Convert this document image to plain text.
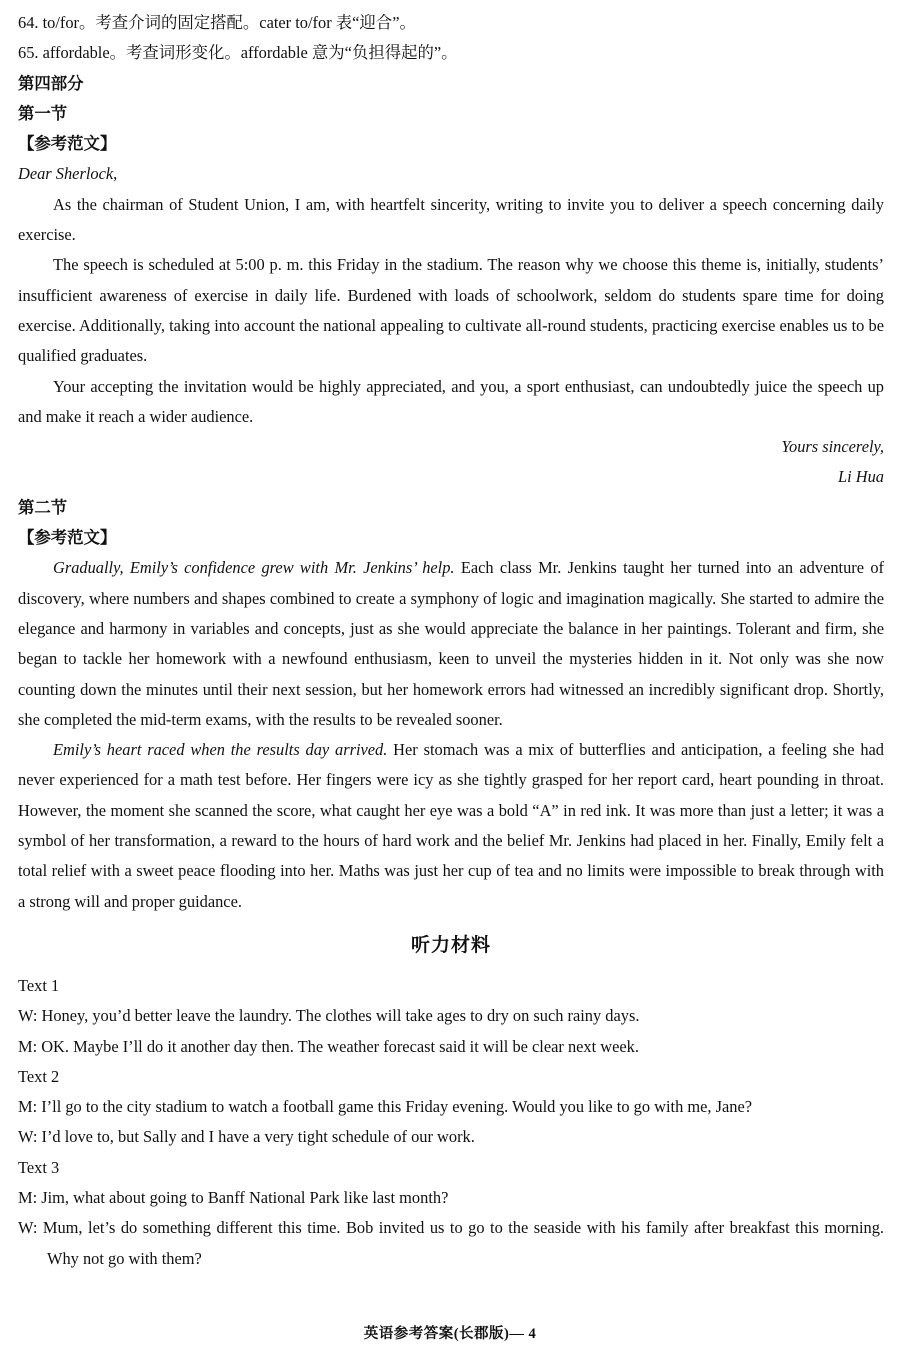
64. to/for。考查介词的固定搭配。cater to/for 表“迎合”。
65. affordable。考查词形变化。affordable 意为“负担得起的”。
第四部分
第一节
【参考范文】
Dear Sherlock,
As the chairman of Student Union, I am, with heartfelt sincerity, writing to invite you to deliver a speech concerning daily exercise.
The speech is scheduled at 5:00 p. m. this Friday in the stadium. The reason why we choose this theme is, initially, students’ insufficient awareness of exercise in daily life. Burdened with loads of schoolwork, seldom do students spare time for doing exercise. Additionally, taking into account the national appealing to cultivate all-round students, practicing exercise enables us to be qualified graduates.
Your accepting the invitation would be highly appreciated, and you, a sport enthusiast, can undoubtedly juice the speech up and make it reach a wider audience.
Yours sincerely,
Li Hua
第二节
【参考范文】
Gradually, Emily’s confidence grew with Mr. Jenkins’ help. Each class Mr. Jenkins taught her turned into an adventure of discovery, where numbers and shapes combined to create a symphony of logic and imagination magically. She started to admire the elegance and harmony in variables and concepts, just as she would appreciate the balance in her paintings. Tolerant and firm, she began to tackle her homework with a newfound enthusiasm, keen to unveil the mysteries hidden in it. Not only was she now counting down the minutes until their next session, but her homework errors had witnessed an incredibly significant drop. Shortly, she completed the mid-term exams, with the results to be revealed sooner.
Emily’s heart raced when the results day arrived. Her stomach was a mix of butterflies and anticipation, a feeling she had never experienced for a math test before. Her fingers were icy as she tightly grasped for her report card, heart pounding in throat. However, the moment she scanned the score, what caught her eye was a bold “A” in red ink. It was more than just a letter; it was a symbol of her transformation, a reward to the hours of hard work and the belief Mr. Jenkins had placed in her. Finally, Emily felt a total relief with a sweet peace flooding into her. Maths was just her cup of tea and no limits were impossible to break through with a strong will and proper guidance.
听力材料
Text 1
W: Honey, you’d better leave the laundry. The clothes will take ages to dry on such rainy days.
M: OK. Maybe I’ll do it another day then. The weather forecast said it will be clear next week.
Text 2
M: I’ll go to the city stadium to watch a football game this Friday evening. Would you like to go with me, Jane?
W: I’d love to, but Sally and I have a very tight schedule of our work.
Text 3
M: Jim, what about going to Banff National Park like last month?
W: Mum, let’s do something different this time. Bob invited us to go to the seaside with his family after breakfast this morning. Why not go with them?
英语参考答案(长郡版)— 4
